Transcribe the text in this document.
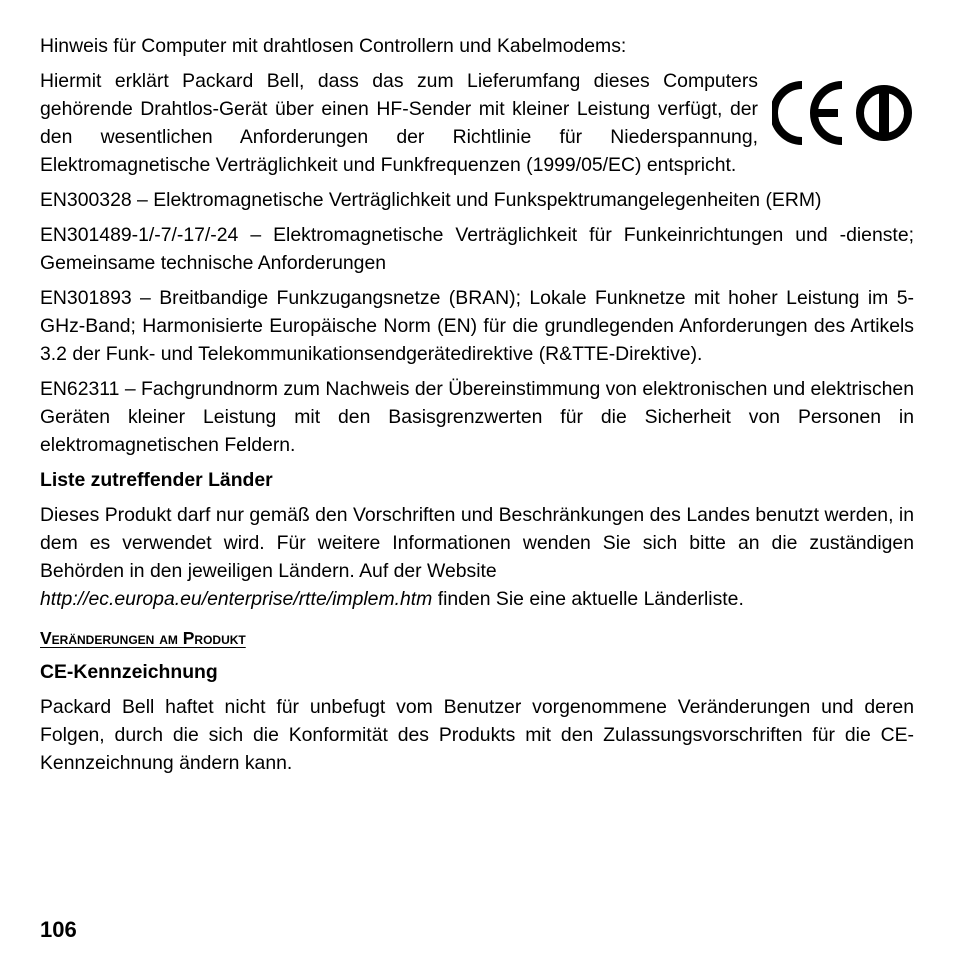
Hinweis für Computer mit drahtlosen Controllern und Kabelmodems:

Hiermit erklärt Packard Bell, dass das zum Lieferumfang dieses Computers gehörende Drahtlos-Gerät über einen HF-Sender mit kleiner Leistung verfügt, der den wesentlichen Anforderungen der Richtlinie für Niederspannung, Elektromagnetische Verträglichkeit und Funkfrequenzen (1999/05/EC) entspricht.

EN300328 – Elektromagnetische Verträglichkeit und Funkspektrumangelegenheiten (ERM)

EN301489-1/-7/-17/-24 – Elektromagnetische Verträglichkeit für Funkeinrichtungen und -dienste; Gemeinsame technische Anforderungen

EN301893 – Breitbandige Funkzugangsnetze (BRAN); Lokale Funknetze mit hoher Leistung im 5-GHz-Band; Harmonisierte Europäische Norm (EN) für die grundlegenden Anforderungen des Artikels 3.2 der Funk- und Telekommunikationsendgerätedirektive (R&TTE-Direktive).

EN62311 – Fachgrundnorm zum Nachweis der Übereinstimmung von elektronischen und elektrischen Geräten kleiner Leistung mit den Basisgrenzwerten für die Sicherheit von Personen in elektromagnetischen Feldern.

Liste zutreffender Länder

Dieses Produkt darf nur gemäß den Vorschriften und Beschränkungen des Landes benutzt werden, in dem es verwendet wird. Für weitere Informationen wenden Sie sich bitte an die zuständigen Behörden in den jeweiligen Ländern. Auf der Website
http://ec.europa.eu/enterprise/rtte/implem.htm finden Sie eine aktuelle Länderliste.

Veränderungen am Produkt

CE-Kennzeichnung

Packard Bell haftet nicht für unbefugt vom Benutzer vorgenommene Veränderungen und deren Folgen, durch die sich die Konformität des Produkts mit den Zulassungsvorschriften für die CE-Kennzeichnung ändern kann.

106
